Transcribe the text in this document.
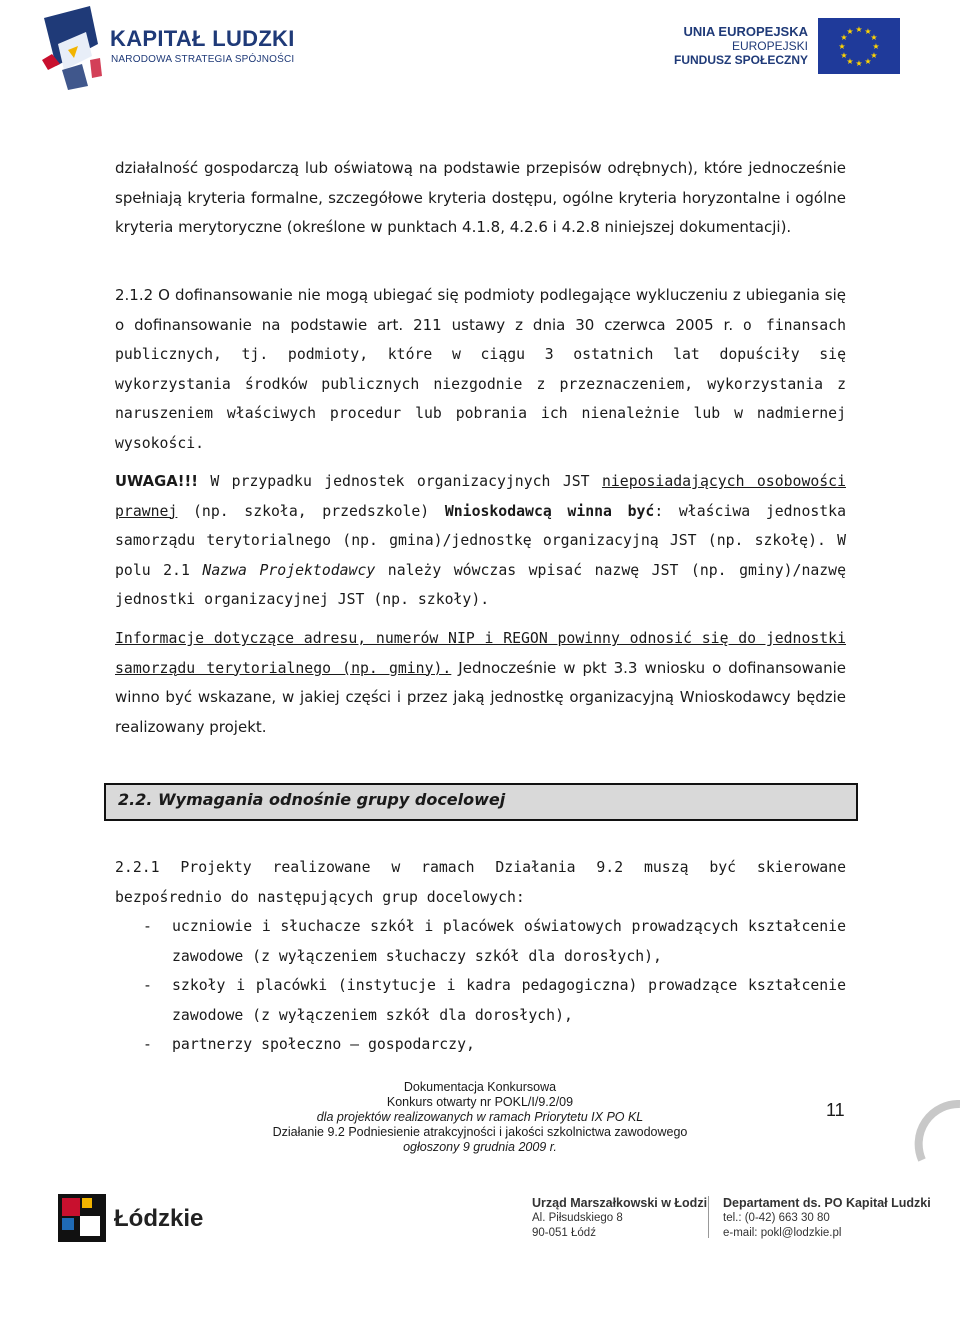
KAPITAŁ LUDZKI
NARODOWA STRATEGIA SPÓJNOŚCI
UNIA EUROPEJSKA
EUROPEJSKI
FUNDUSZ SPOŁECZNY
★ ★
★
★
★
★
★
★
★
★
★
★
działalność gospodarczą lub oświatową na podstawie przepisów odrębnych), które jednocześnie spełniają kryteria formalne, szczegółowe kryteria dostępu, ogólne kryteria horyzontalne i ogólne kryteria merytoryczne (określone w punktach 4.1.8, 4.2.6 i 4.2.8 niniejszej dokumentacji).
2.1.2 O dofinansowanie nie mogą ubiegać się podmioty podlegające wykluczeniu z ubiegania się o dofinansowanie na podstawie art. 211 ustawy z dnia 30 czerwca 2005 r. o finansach publicznych, tj. podmioty, które w ciągu 3 ostatnich lat dopuściły się wykorzystania środków publicznych niezgodnie z przeznaczeniem, wykorzystania z naruszeniem właściwych procedur lub pobrania ich nienależnie lub w nadmiernej wysokości.
UWAGA!!! W przypadku jednostek organizacyjnych JST nieposiadających osobowości prawnej (np. szkoła, przedszkole) Wnioskodawcą winna być: właściwa jednostka samorządu terytorialnego (np. gmina)/jednostkę organizacyjną JST (np. szkołę). W polu 2.1 Nazwa Projektodawcy należy wówczas wpisać nazwę JST (np. gminy)/nazwę jednostki organizacyjnej JST (np. szkoły).
Informacje dotyczące adresu, numerów NIP i REGON powinny odnosić się do jednostki samorządu terytorialnego (np. gminy). Jednocześnie w pkt 3.3 wniosku o dofinansowanie winno być wskazane, w jakiej części i przez jaką jednostkę organizacyjną Wnioskodawcy będzie realizowany projekt.
2.2. Wymagania odnośnie grupy docelowej
2.2.1 Projekty realizowane w ramach Działania 9.2 muszą być skierowane bezpośrednio do następujących grup docelowych:
- uczniowie i słuchacze szkół i placówek oświatowych prowadzących kształcenie zawodowe (z wyłączeniem słuchaczy szkół dla dorosłych),
- szkoły i placówki (instytucje i kadra pedagogiczna) prowadzące kształcenie zawodowe (z wyłączeniem szkół dla dorosłych),
- partnerzy społeczno – gospodarczy,
Dokumentacja Konkursowa
Konkurs otwarty nr POKL/I/9.2/09
dla projektów realizowanych w ramach Priorytetu IX PO KL
Działanie 9.2 Podniesienie atrakcyjności i jakości szkolnictwa zawodowego
ogłoszony 9 grudnia 2009 r.
11
Łódzkie
Urząd Marszałkowski w Łodzi
Al. Piłsudskiego 8
90-051 Łódź
Departament ds. PO Kapitał Ludzki
tel.: (0-42) 663 30 80
e-mail: pokl@lodzkie.pl
